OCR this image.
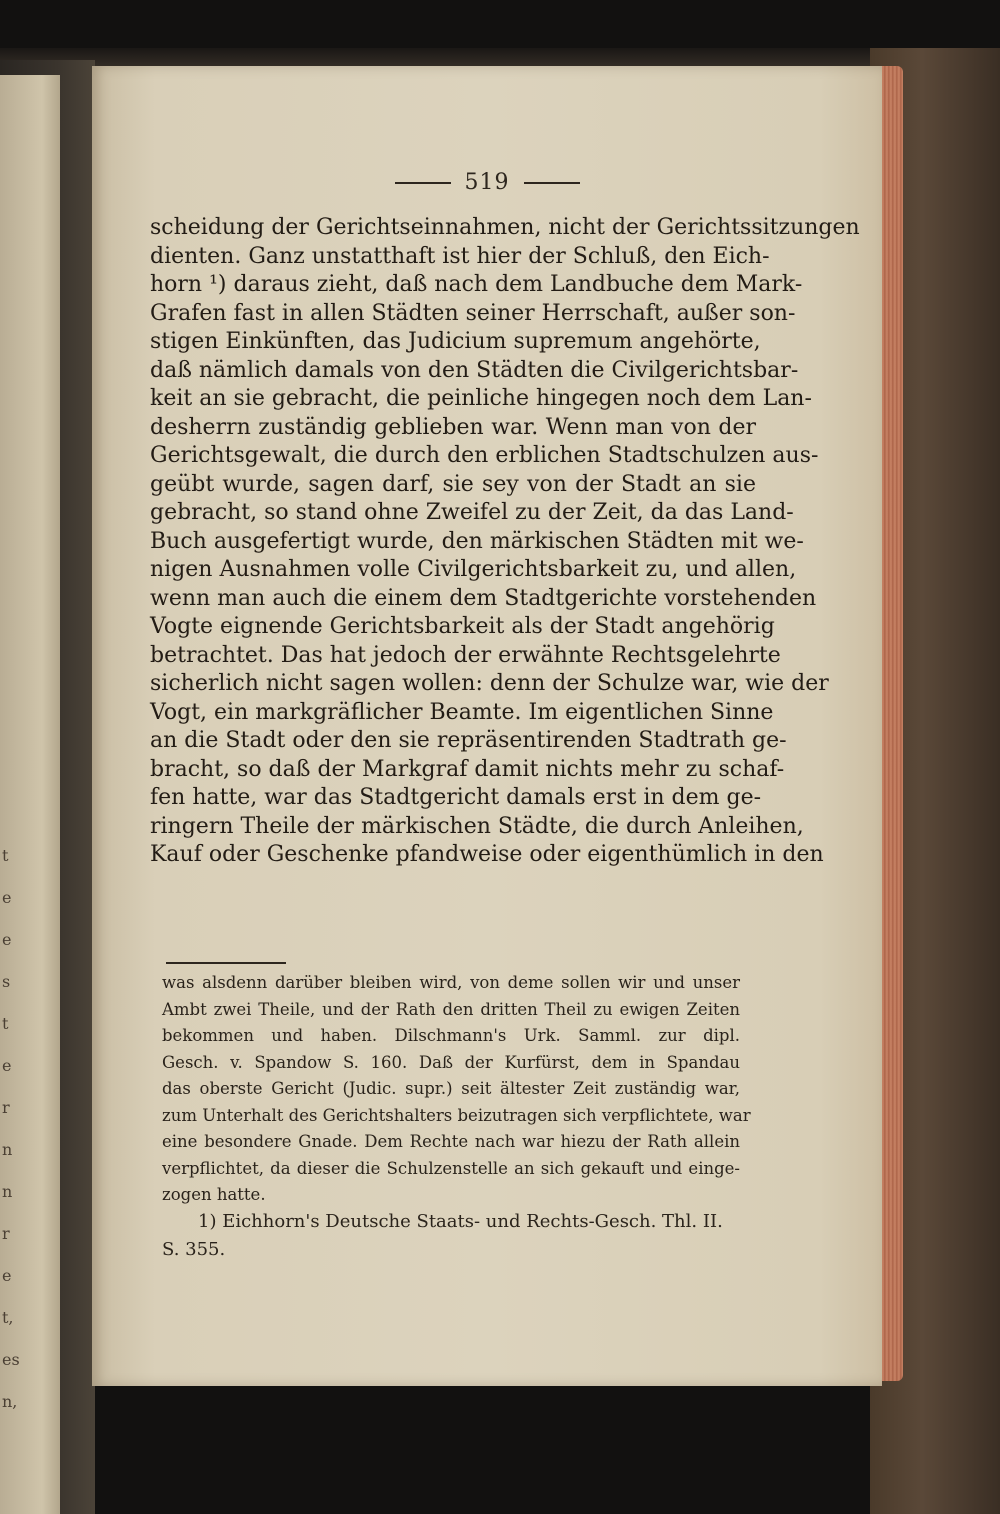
t
e
e
s
t
e
r
n
n
r
e
t,
es
n,
519

scheidung der Gerichtseinnahmen, nicht der Gerichtssitzungen
dienten. Ganz unstatthaft ist hier der Schluß, den Eich-
horn ¹) daraus zieht, daß nach dem Landbuche dem Mark-
Grafen fast in allen Städten seiner Herrschaft, außer son-
stigen Einkünften, das Judicium supremum angehörte,
daß nämlich damals von den Städten die Civilgerichtsbar-
keit an sie gebracht, die peinliche hingegen noch dem Lan-
desherrn zuständig geblieben war. Wenn man von der
Gerichtsgewalt, die durch den erblichen Stadtschulzen aus-
geübt wurde, sagen darf, sie sey von der Stadt an sie
gebracht, so stand ohne Zweifel zu der Zeit, da das Land-
Buch ausgefertigt wurde, den märkischen Städten mit we-
nigen Ausnahmen volle Civilgerichtsbarkeit zu, und allen,
wenn man auch die einem dem Stadtgerichte vorstehenden
Vogte eignende Gerichtsbarkeit als der Stadt angehörig
betrachtet. Das hat jedoch der erwähnte Rechtsgelehrte
sicherlich nicht sagen wollen: denn der Schulze war, wie der
Vogt, ein markgräflicher Beamte. Im eigentlichen Sinne
an die Stadt oder den sie repräsentirenden Stadtrath ge-
bracht, so daß der Markgraf damit nichts mehr zu schaf-
fen hatte, war das Stadtgericht damals erst in dem ge-
ringern Theile der märkischen Städte, die durch Anleihen,
Kauf oder Geschenke pfandweise oder eigenthümlich in den

was alsdenn darüber bleiben wird, von deme sollen wir und unser
Ambt zwei Theile, und der Rath den dritten Theil zu ewigen Zeiten
bekommen und haben. Dilschmann's Urk. Samml. zur dipl.
Gesch. v. Spandow S. 160. Daß der Kurfürst, dem in Spandau
das oberste Gericht (Judic. supr.) seit ältester Zeit zuständig war,
zum Unterhalt des Gerichtshalters beizutragen sich verpflichtete, war
eine besondere Gnade. Dem Rechte nach war hiezu der Rath allein
verpflichtet, da dieser die Schulzenstelle an sich gekauft und einge-
zogen hatte.

1) Eichhorn's Deutsche Staats- und Rechts-Gesch. Thl. II.
S. 355.
